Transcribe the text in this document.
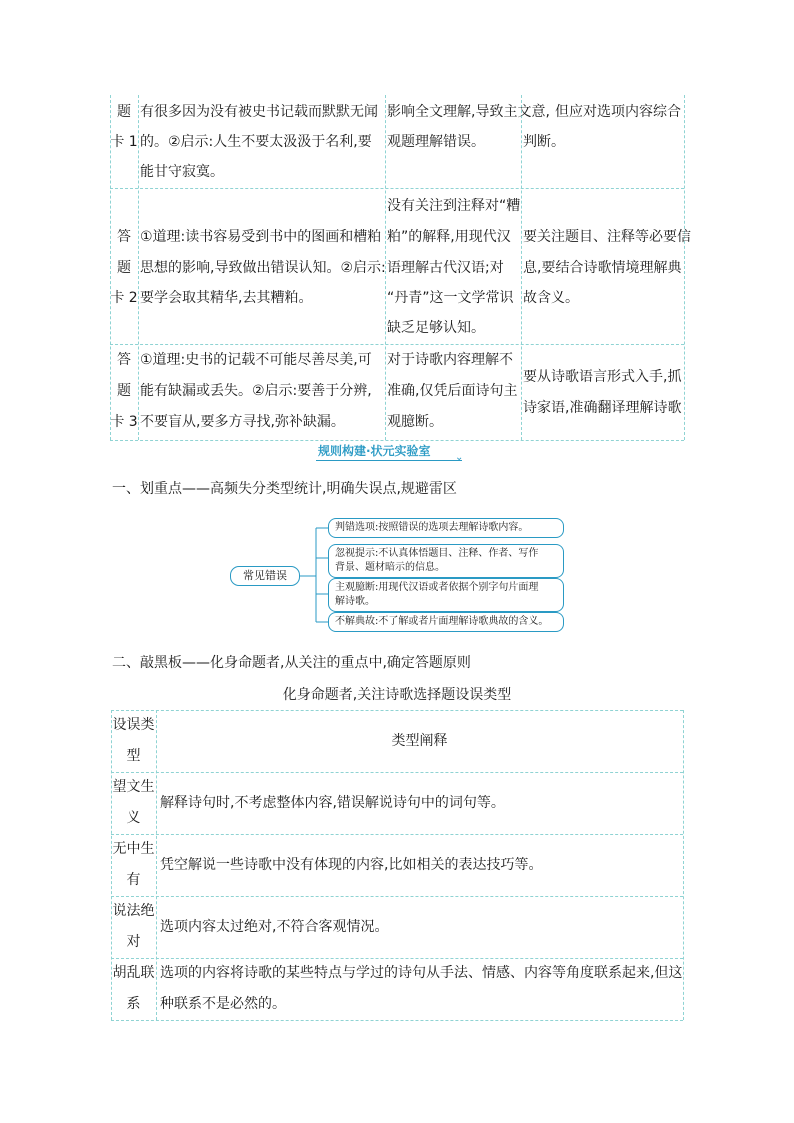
题
卡 1
有很多因为没有被史书记载而默默无闻
的。②启示:人生不要太汲汲于名利,要
能甘守寂寞。
影响全文理解,导致主文意,
观题理解错误。
但应对选项内容综合
判断。
答
题
卡 2
①道理:读书容易受到书中的图画和槽粕
思想的影响,导致做出错误认知。②启示:
要学会取其精华,去其糟粕。
没有关注到注释对“糟
粕”的解释,用现代汉
语理解古代汉语;对
“丹青”这一文学常识
缺乏足够认知。
要关注题目、注释等必要信
息,要结合诗歌情境理解典
故含义。
答
题
卡 3
①道理:史书的记载不可能尽善尽美,可
能有缺漏或丢失。②启示:要善于分辨,
不要盲从,要多方寻找,弥补缺漏。
对于诗歌内容理解不
准确,仅凭后面诗句主
观臆断。
要从诗歌语言形式入手,抓
诗家语,准确翻译理解诗歌
规则构建·状元实验室 ⌄
一、划重点——高频失分类型统计,明确失误点,规避雷区
常见错误
判错选项:按照错误的选项去理解诗歌内容。
忽视提示:不认真体悟题目、注释、作者、写作
背景、题材暗示的信息。
主观臆断:用现代汉语或者依据个别字句片面理
解诗歌。
不解典故:不了解或者片面理解诗歌典故的含义。
二、敲黑板——化身命题者,从关注的重点中,确定答题原则
化身命题者,关注诗歌选择题设误类型
设误类
型
类型阐释
望文生
义
解释诗句时,不考虑整体内容,错误解说诗句中的词句等。
无中生
有
凭空解说一些诗歌中没有体现的内容,比如相关的表达技巧等。
说法绝
对
选项内容太过绝对,不符合客观情况。
胡乱联
系
选项的内容将诗歌的某些特点与学过的诗句从手法、情感、内容等角度联系起来,但这
种联系不是必然的。
